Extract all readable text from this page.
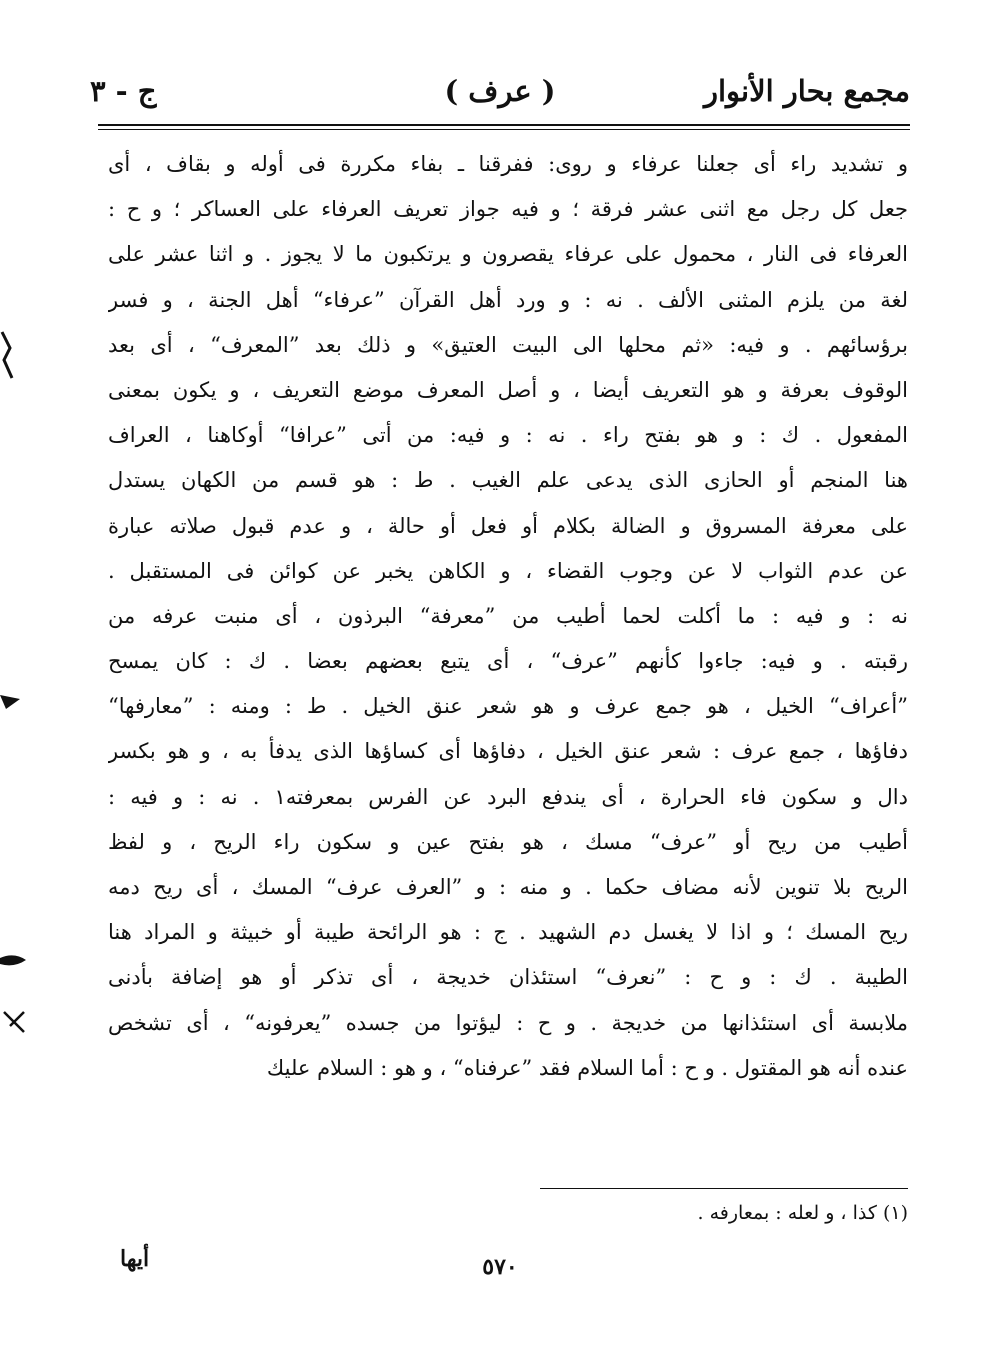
مجمع بحار الأنوار
( عرف )
ج - ٣
و تشديد راء أى جعلنا عرفاء و روى: ففرقنا ـ بفاء مكررة فى أوله و بقاف ، أى
جعل كل رجل مع اثنى عشر فرقة ؛ و فيه جواز تعريف العرفاء على العساكر ؛ و ح :
العرفاء فى النار ، محمول على عرفاء يقصرون و يرتكبون ما لا يجوز . و اثنا عشر على
لغة من يلزم المثنى الألف . نه : و ورد أهل القرآن ”عرفاء“ أهل الجنة ، و فسر
برؤسائهم . و فيه: «ثم محلها الى البيت العتيق» و ذلك بعد ”المعرف“ ، أى بعد
الوقوف بعرفة و هو التعريف أيضا ، و أصل المعرف موضع التعريف ، و يكون بمعنى
المفعول . ك : و هو بفتح راء . نه : و فيه: من أتى ”عرافا“ أوكاهنا ، العراف
هنا المنجم أو الحازى الذى يدعى علم الغيب . ط : هو قسم من الكهان يستدل
على معرفة المسروق و الضالة بكلام أو فعل أو حالة ، و عدم قبول صلاته عبارة
عن عدم الثواب لا عن وجوب القضاء ، و الكاهن يخبر عن كوائن فى المستقبل .
نه : و فيه : ما أكلت لحما أطيب من ”معرفة“ البرذون ، أى منبت عرفه من
رقبته . و فيه: جاءوا كأنهم ”عرف“ ، أى يتبع بعضهم بعضا . ك : كان يمسح
”أعراف“ الخيل ، هو جمع عرف و هو شعر عنق الخيل . ط : ومنه : ”معارفها“
دفاؤها ، جمع عرف : شعر عنق الخيل ، دفاؤها أى كساؤها الذى يدفأ به ، و هو بكسر
دال و سكون فاء الحرارة ، أى يندفع البرد عن الفرس بمعرفته١ . نه : و فيه :
أطيب من ريح أو ”عرف“ مسك ، هو بفتح عين و سكون راء الريح ، و لفظ
الريح بلا تنوين لأنه مضاف حكما . و منه : و ”العرف عرف“ المسك ، أى ريح دمه
ريح المسك ؛ و اذا لا يغسل دم الشهيد . ج : هو الرائحة طيبة أو خبيثة و المراد هنا
الطيبة . ك : و ح : ”نعرف“ استئذان خديجة ، أى تذكر أو هو إضافة بأدنى
ملابسة أى استئذانها من خديجة . و ح : ليؤتوا من جسده ”يعرفونه“ ، أى تشخص
عنده أنه هو المقتول . و ح : أما السلام فقد ”عرفناه“ ، و هو : السلام عليك
(١) كذا ، و لعله : بمعارفه .
٥٧٠
أيها
